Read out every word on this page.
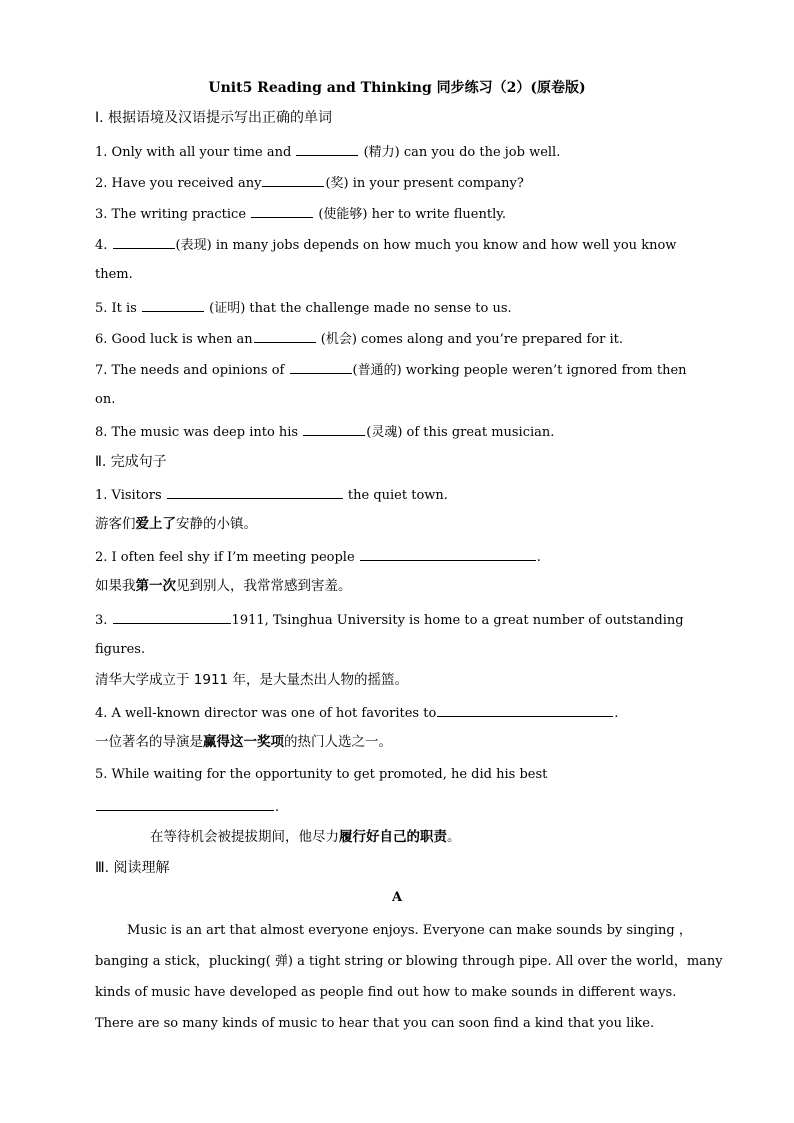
Unit5 Reading and Thinking 同步练习（2）(原卷版)
Ⅰ. 根据语境及汉语提示写出正确的单词
1. Only with all your time and	(精力) can you do the job well.
2. Have you received any	(奖) in your present company?
3. The writing practice	(使能够) her to write fluently.
4.	(表现) in many jobs depends on how much you know and how well you know
them.
5. It is	(证明) that the challenge made no sense to us.
6. Good luck is when an	(机会) comes along and you’re prepared for it.
7. The needs and opinions of	(普通的) working people weren’t ignored from then
on.
8. The music was deep into his	(灵魂) of this great musician.
Ⅱ. 完成句子
1. Visitors	the quiet town.
游客们爱上了安静的小镇。
2. I often feel shy if I’m meeting people	.
如果我第一次见到别人，我常常感到害羞。
3.	1911, Tsinghua University is home to a great number of outstanding
figures.
清华大学成立于 1911 年，是大量杰出人物的摇篮。
4. A well-known director was one of hot favorites to	.
一位著名的导演是赢得这一奖项的热门人选之一。
5. While waiting for the opportunity to get promoted, he did his best
.
在等待机会被提拔期间，他尽力履行好自己的职责。
Ⅲ. 阅读理解
A
Music is an art that almost everyone enjoys. Everyone can make sounds by singing ，
banging a stick，plucking( 弹) a tight string or blowing through pipe. All over the world，many
kinds of music have developed as people find out how to make sounds in different ways.
There are so many kinds of music to hear that you can soon find a kind that you like.
